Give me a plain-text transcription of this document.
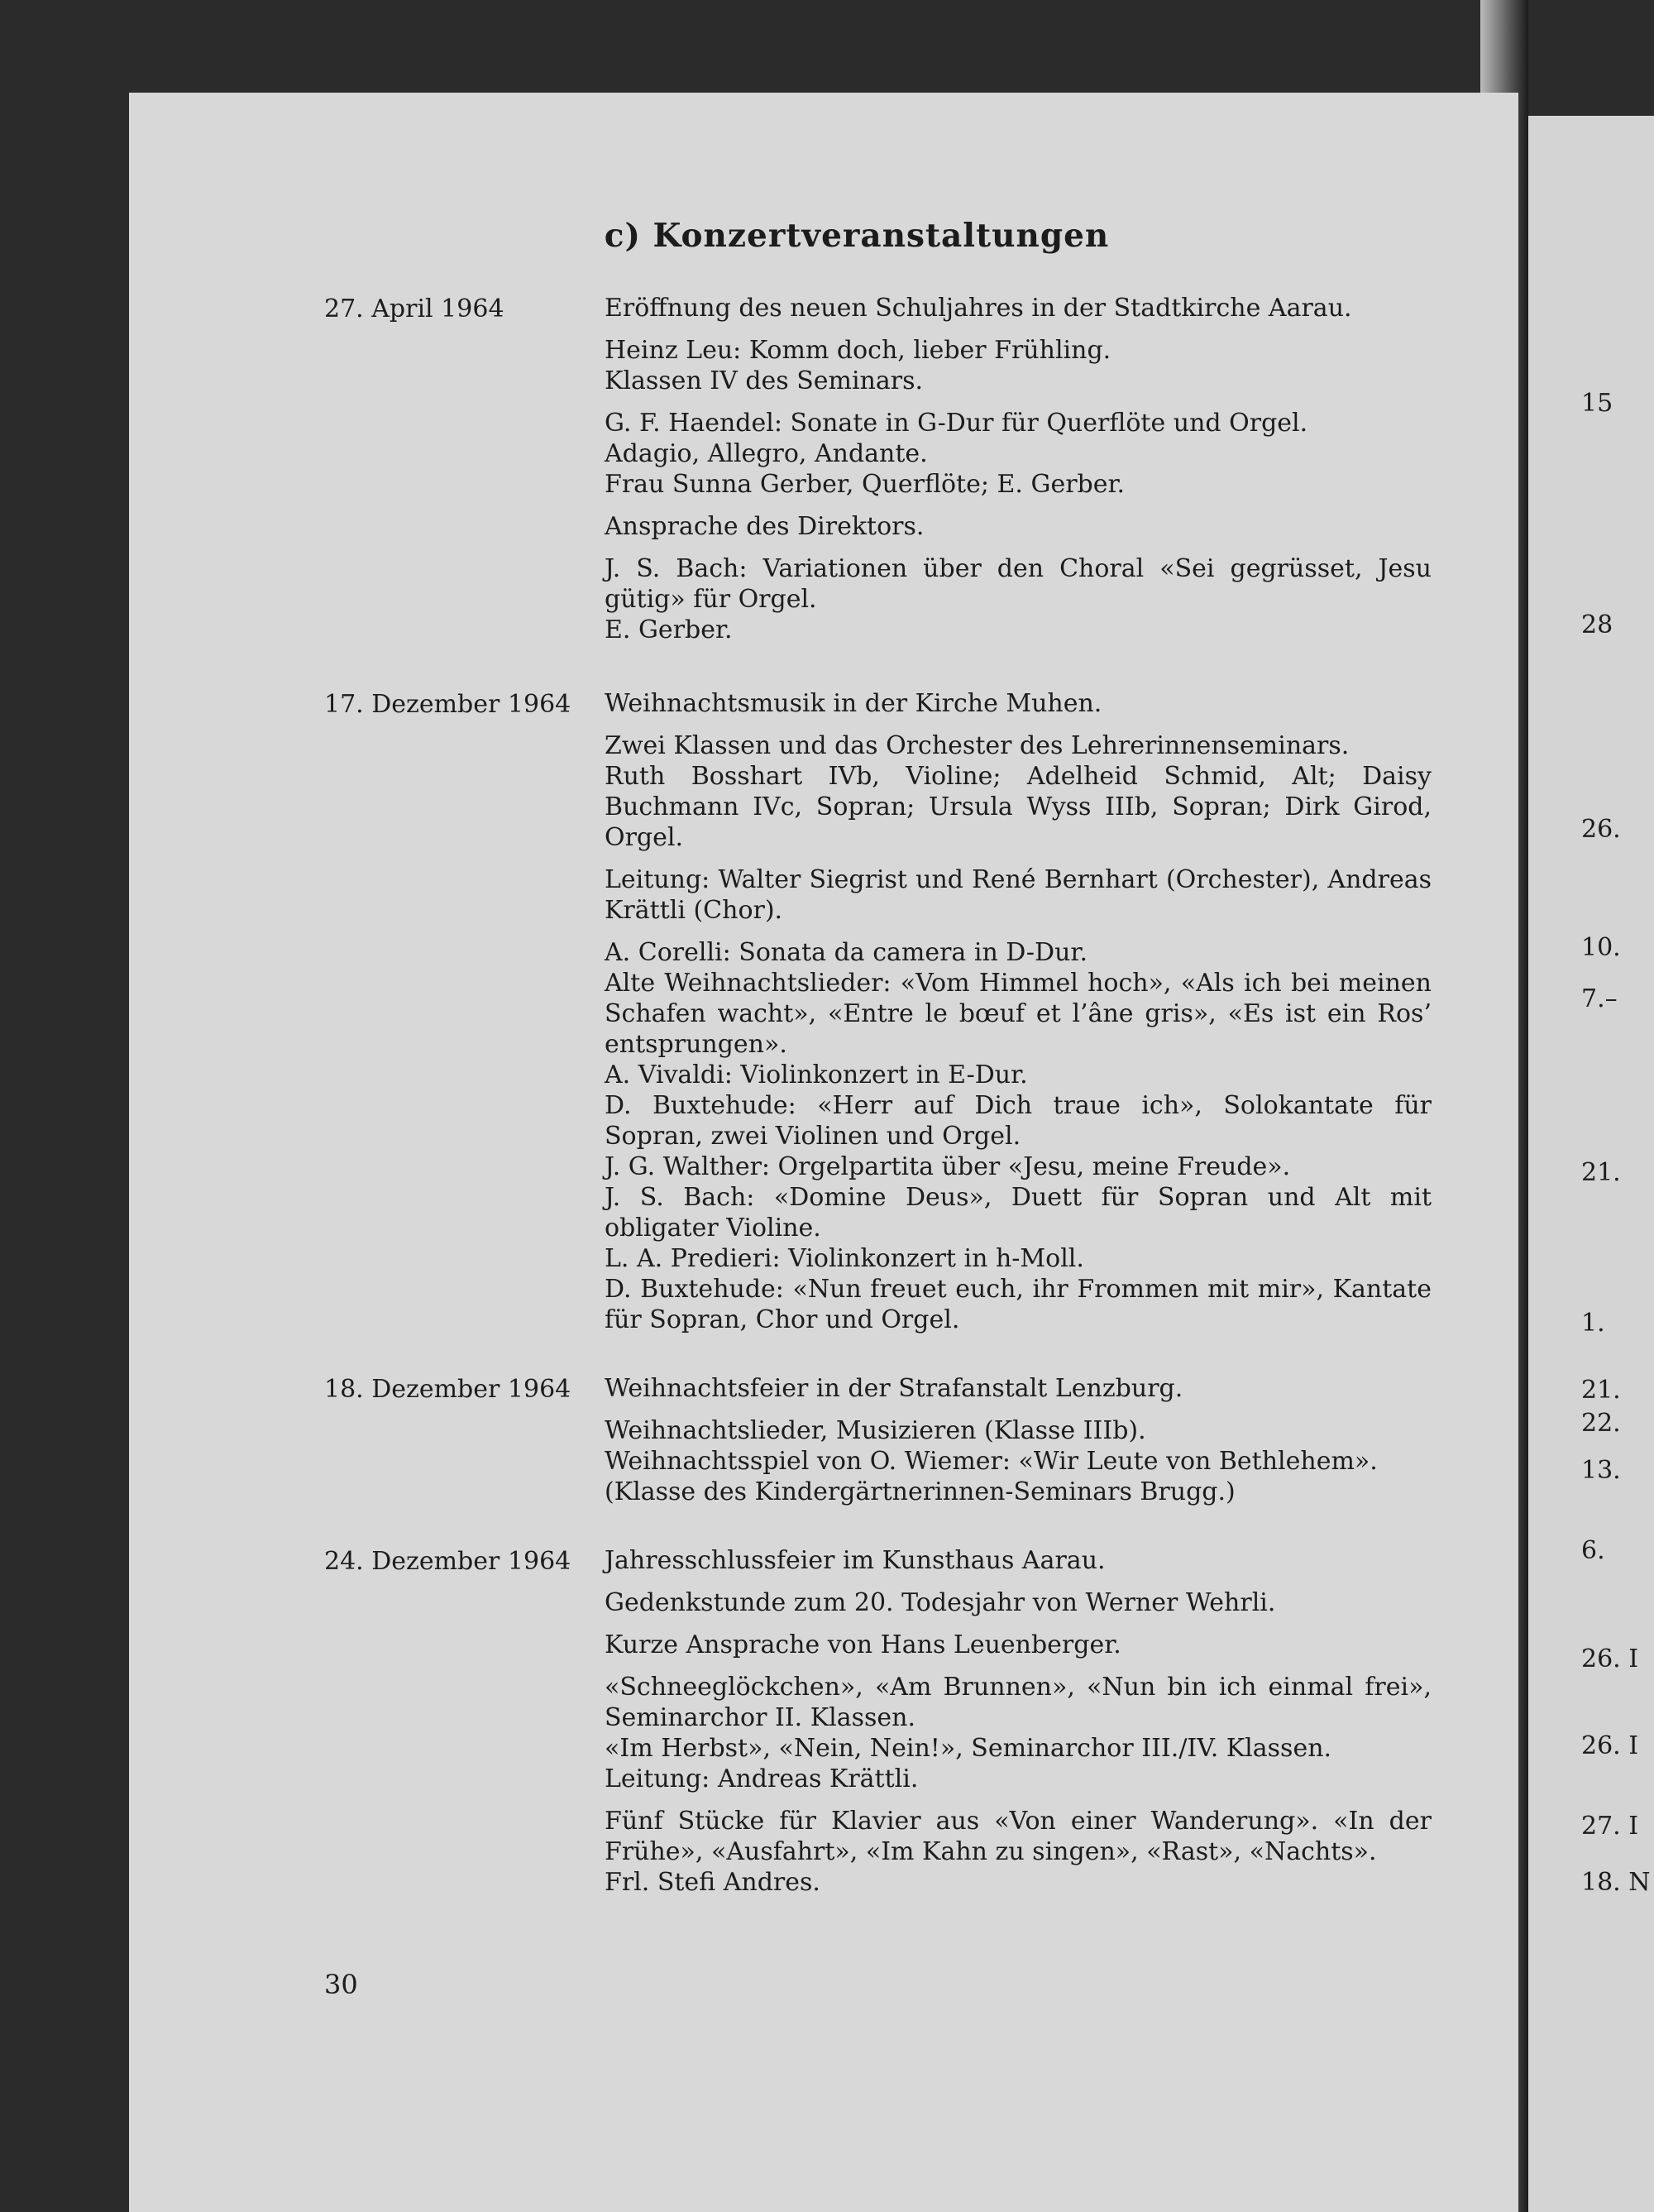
15
28
26.
10.
7.–
21.
1.
21.
22.
13.
6.
26. I
26. I
27. I
18. N
c) Konzertveranstaltungen
27. April 1964	Eröffnung des neuen Schuljahres in der Stadtkirche Aarau.
Heinz Leu: Komm doch, lieber Frühling.
Klassen IV des Seminars.
G. F. Haendel: Sonate in G-Dur für Querflöte und Orgel.
Adagio, Allegro, Andante.
Frau Sunna Gerber, Querflöte; E. Gerber.
Ansprache des Direktors.
J. S. Bach: Variationen über den Choral «Sei gegrüsset, Jesu gütig» für Orgel.
E. Gerber.
17. Dezember 1964 Weihnachtsmusik in der Kirche Muhen.
Zwei Klassen und das Orchester des Lehrerinnenseminars.
Ruth Bosshart IVb, Violine; Adelheid Schmid, Alt; Daisy Buchmann IVc, Sopran; Ursula Wyss IIIb, Sopran; Dirk Girod, Orgel.
Leitung: Walter Siegrist und René Bernhart (Orchester), Andreas Krättli (Chor).
A. Corelli: Sonata da camera in D-Dur.
Alte Weihnachtslieder: «Vom Himmel hoch», «Als ich bei meinen Schafen wacht», «Entre le bœuf et l’âne gris», «Es ist ein Ros’ entsprungen».
A. Vivaldi: Violinkonzert in E-Dur.
D. Buxtehude: «Herr auf Dich traue ich», Solokantate für Sopran, zwei Violinen und Orgel.
J. G. Walther: Orgelpartita über «Jesu, meine Freude».
J. S. Bach: «Domine Deus», Duett für Sopran und Alt mit obligater Violine.
L. A. Predieri: Violinkonzert in h-Moll.
D. Buxtehude: «Nun freuet euch, ihr Frommen mit mir», Kantate für Sopran, Chor und Orgel.
18. Dezember 1964 Weihnachtsfeier in der Strafanstalt Lenzburg.
Weihnachtslieder, Musizieren (Klasse IIIb).
Weihnachtsspiel von O. Wiemer: «Wir Leute von Bethlehem».
(Klasse des Kindergärtnerinnen-Seminars Brugg.)
24. Dezember 1964 Jahresschlussfeier im Kunsthaus Aarau.
Gedenkstunde zum 20. Todesjahr von Werner Wehrli.
Kurze Ansprache von Hans Leuenberger.
«Schneeglöckchen», «Am Brunnen», «Nun bin ich einmal frei», Seminarchor II. Klassen.
«Im Herbst», «Nein, Nein!», Seminarchor III./IV. Klassen.
Leitung: Andreas Krättli.
Fünf Stücke für Klavier aus «Von einer Wanderung». «In der Frühe», «Ausfahrt», «Im Kahn zu singen», «Rast», «Nachts».
Frl. Stefi Andres.
30
